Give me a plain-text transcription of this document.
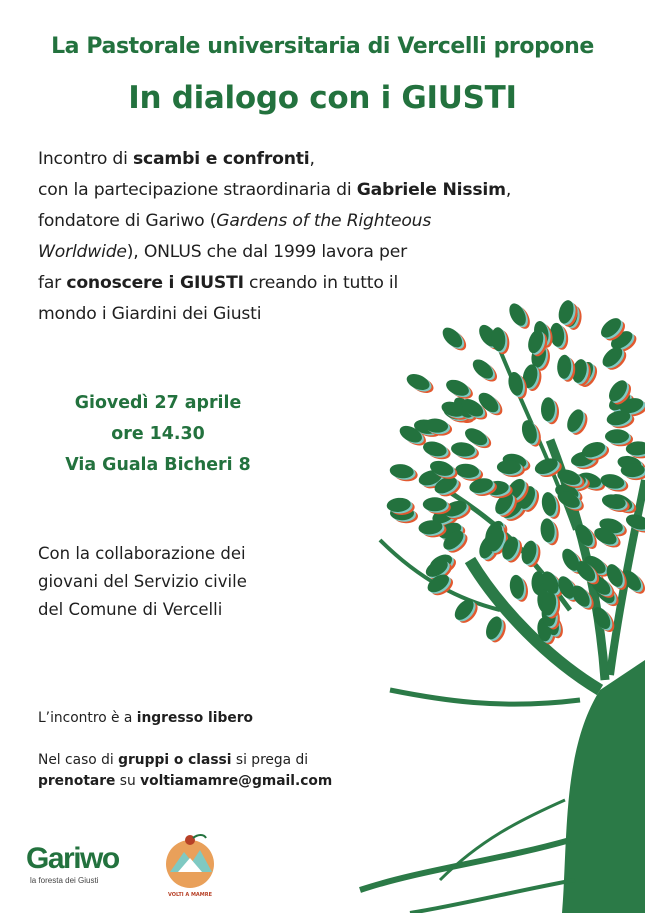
La Pastorale universitaria di Vercelli propone
In dialogo con i GIUSTI
Incontro di scambi e confronti,
con la partecipazione straordinaria di Gabriele Nissim,
fondatore di Gariwo (Gardens of the Righteous
Worldwide), ONLUS che dal 1999 lavora per
far conoscere i GIUSTI creando in tutto il
mondo i Giardini dei Giusti
Giovedì 27 aprile
ore 14.30
Via Guala Bicheri 8
Con la collaborazione dei
giovani del Servizio civile
del Comune di Vercelli
L’incontro è a ingresso libero
Nel caso di gruppi o classi si prega di
prenotare su voltiamamre@gmail.com
Gariwo
la foresta dei Giusti
VOLTI A MAMRE
